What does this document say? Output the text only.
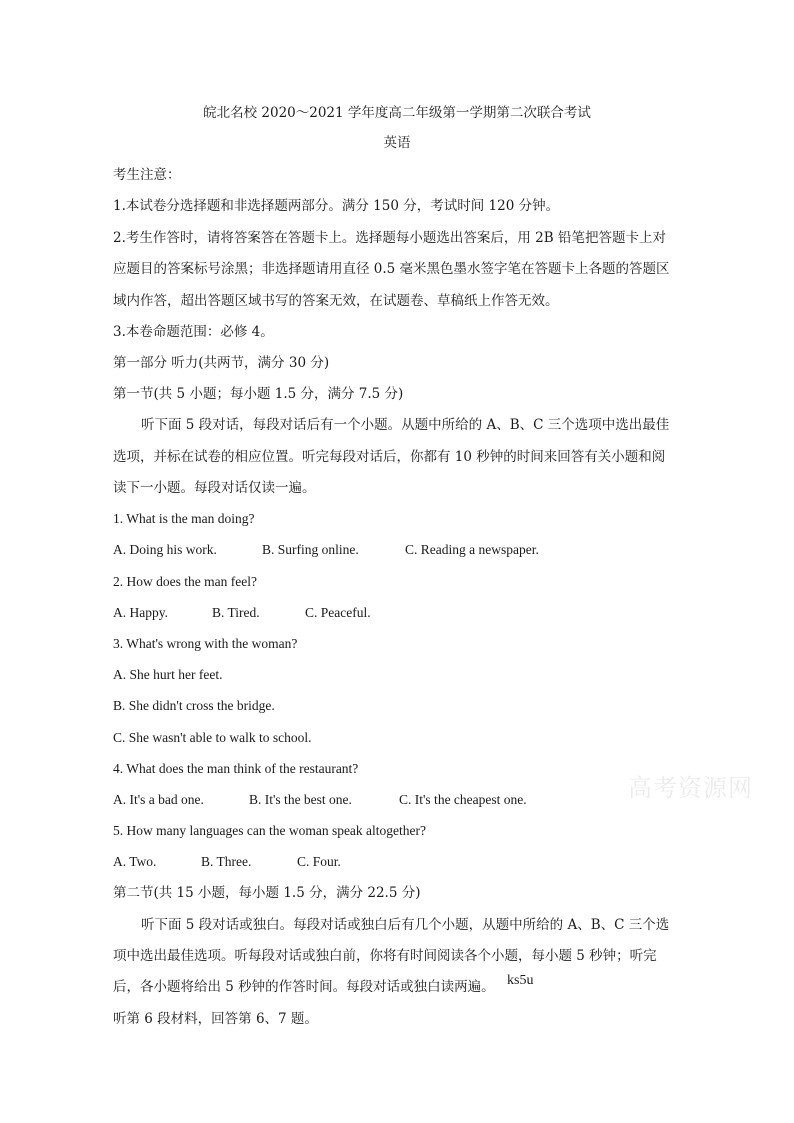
皖北名校 2020～2021 学年度高二年级第一学期第二次联合考试
英语
考生注意：
1.本试卷分选择题和非选择题两部分。满分 150 分，考试时间 120 分钟。
2.考生作答时，请将答案答在答题卡上。选择题每小题选出答案后，用 2B 铅笔把答题卡上对
应题目的答案标号涂黑；非选择题请用直径 0.5 毫米黑色墨水签字笔在答题卡上各题的答题区
域内作答，超出答题区域书写的答案无效，在试题卷、草稿纸上作答无效。
3.本卷命题范围：必修 4。
第一部分 听力(共两节，满分 30 分)
第一节(共 5 小题；每小题 1.5 分，满分 7.5 分)
听下面 5 段对话，每段对话后有一个小题。从题中所给的 A、B、C 三个选项中选出最佳
选项，并标在试卷的相应位置。听完每段对话后，你都有 10 秒钟的时间来回答有关小题和阅
读下一小题。每段对话仅读一遍。
1. What is the man doing?
A. Doing his work.	B. Surfing online.	C. Reading a newspaper.
2. How does the man feel?
A. Happy.	B. Tired.	C. Peaceful.
3. What's wrong with the woman?
A. She hurt her feet.
B. She didn't cross the bridge.
C. She wasn't able to walk to school.
4. What does the man think of the restaurant?
A. It's a bad one.	B. It's the best one.	C. It's the cheapest one.
5. How many languages can the woman speak altogether?
A. Two.	B. Three.	C. Four.
第二节(共 15 小题，每小题 1.5 分，满分 22.5 分)
听下面 5 段对话或独白。每段对话或独白后有几个小题，从题中所给的 A、B、C 三个选
项中选出最佳选项。听每段对话或独白前，你将有时间阅读各个小题，每小题 5 秒钟；听完
后，各小题将给出 5 秒钟的作答时间。每段对话或独白读两遍。 ks5u
听第 6 段材料，回答第 6、7 题。
高考资源网
